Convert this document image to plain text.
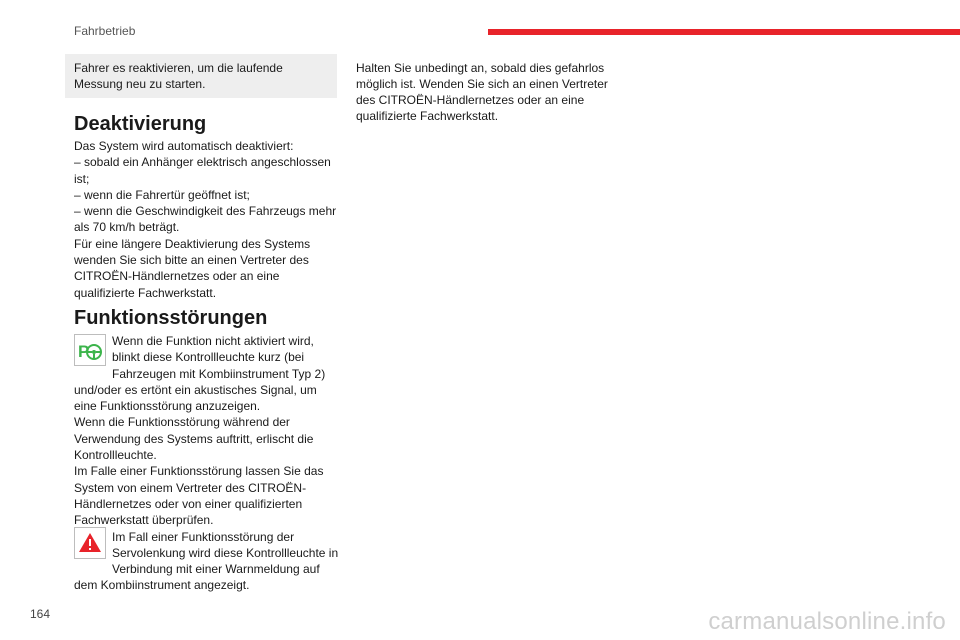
Fahrbetrieb
Fahrer es reaktivieren, um die laufende Messung neu zu starten.
Deaktivierung
Das System wird automatisch deaktiviert:
– sobald ein Anhänger elektrisch angeschlossen ist;
– wenn die Fahrertür geöffnet ist;
– wenn die Geschwindigkeit des Fahrzeugs mehr als 70 km/h beträgt.
Für eine längere Deaktivierung des Systems wenden Sie sich bitte an einen Vertreter des CITROËN-Händlernetzes oder an eine qualifizierte Fachwerkstatt.
Funktionsstörungen
P
Wenn die Funktion nicht aktiviert wird, blinkt diese Kontrollleuchte kurz (bei Fahrzeugen mit Kombiinstrument Typ 2) und/oder es ertönt ein akustisches Signal, um eine Funktionsstörung anzuzeigen.
Wenn die Funktionsstörung während der Verwendung des Systems auftritt, erlischt die Kontrollleuchte.
Im Falle einer Funktionsstörung lassen Sie das System von einem Vertreter des CITROËN-Händlernetzes oder von einer qualifizierten Fachwerkstatt überprüfen.
Im Fall einer Funktionsstörung der Servolenkung wird diese Kontrollleuchte in Verbindung mit einer Warnmeldung auf dem Kombiinstrument angezeigt.
Halten Sie unbedingt an, sobald dies gefahrlos möglich ist. Wenden Sie sich an einen Vertreter des CITROËN-Händlernetzes oder an eine qualifizierte Fachwerkstatt.
164	carmanualsonline.info
